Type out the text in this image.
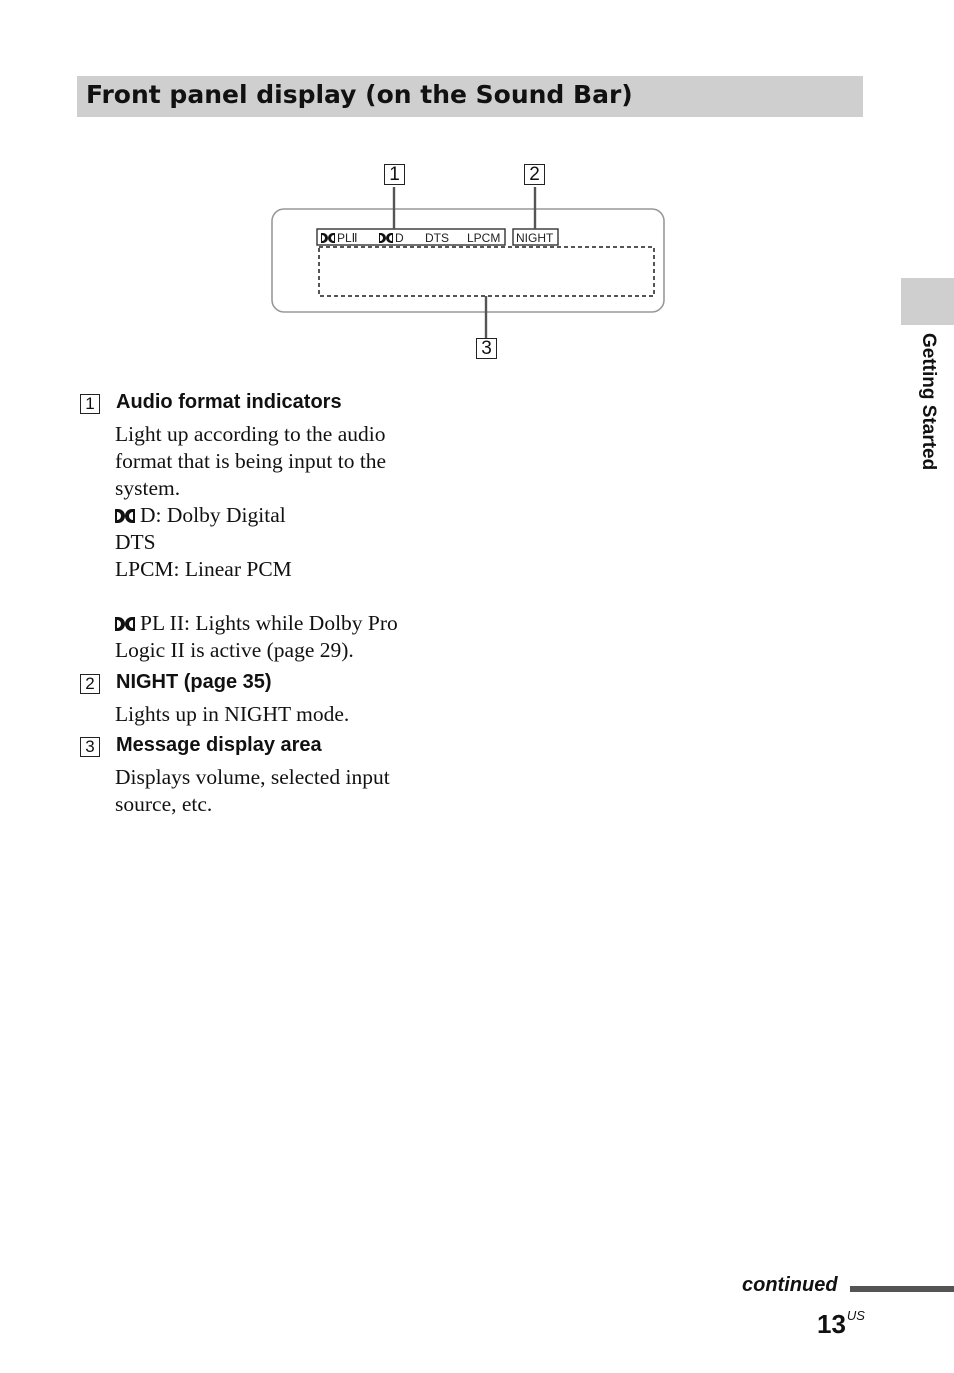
Front panel display (on the Sound Bar)
Getting Started
1	2
3
PLⅡ	D DTS LPCM NIGHT
1 Audio format indicators
Light up according to the audio
format that is being input to the
system.
D: Dolby Digital
DTS
LPCM: Linear PCM
PL II: Lights while Dolby Pro
Logic II is active (page 29).
2 NIGHT (page 35)
Lights up in NIGHT mode.
3 Message display area
Displays volume, selected input
source, etc.
continued
$13^{US}$
